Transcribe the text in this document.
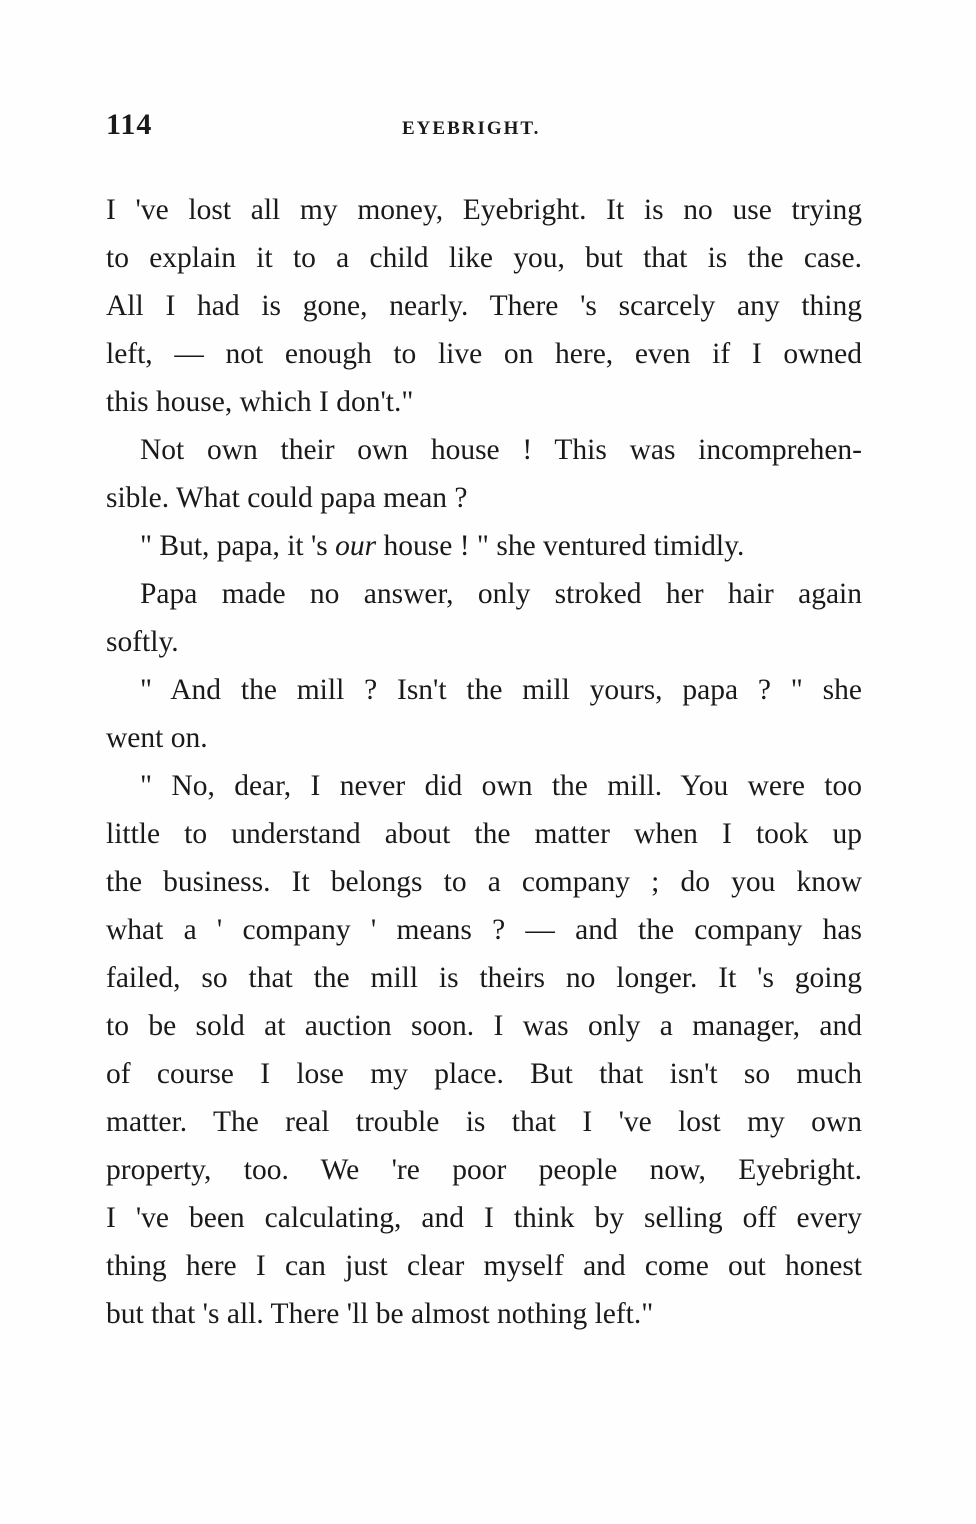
114	EYEBRIGHT.
I 've lost all my money, Eyebright. It is no use trying
to explain it to a child like you, but that is the case.
All I had is gone, nearly. There 's scarcely any thing
left, — not enough to live on here, even if I owned
this house, which I don't."
Not own their own house ! This was incomprehen-
sible. What could papa mean ?
" But, papa, it 's our house ! " she ventured timidly.
Papa made no answer, only stroked her hair again
softly.
" And the mill ? Isn't the mill yours, papa ? " she
went on.
" No, dear, I never did own the mill. You were too
little to understand about the matter when I took up
the business. It belongs to a company ; do you know
what a ' company ' means ? — and the company has
failed, so that the mill is theirs no longer. It 's going
to be sold at auction soon. I was only a manager, and
of course I lose my place. But that isn't so much
matter. The real trouble is that I 've lost my own
property, too. We 're poor people now, Eyebright.
I 've been calculating, and I think by selling off every
thing here I can just clear myself and come out honest
but that 's all. There 'll be almost nothing left."
